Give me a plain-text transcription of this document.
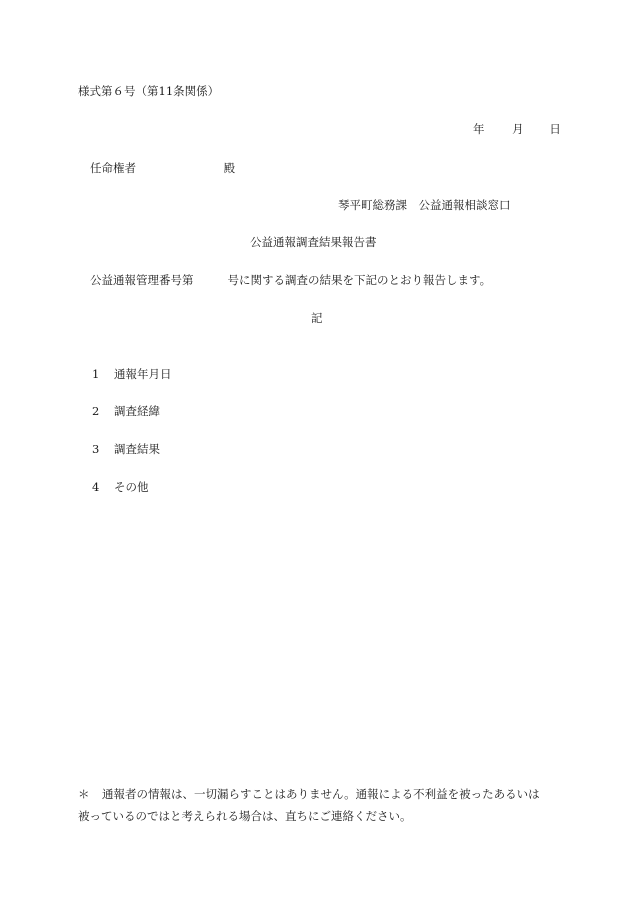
様式第６号（第11条関係）
年 月 日
任命権者	殿
琴平町総務課　公益通報相談窓口
公益通報調査結果報告書
公益通報管理番号第	号に関する調査の結果を下記のとおり報告します。
記
1 通報年月日
2 調査経緯
3 調査結果
4 その他
＊ 通報者の情報は、一切漏らすことはありません。通報による不利益を被ったあるいは
被っているのではと考えられる場合は、直ちにご連絡ください。
